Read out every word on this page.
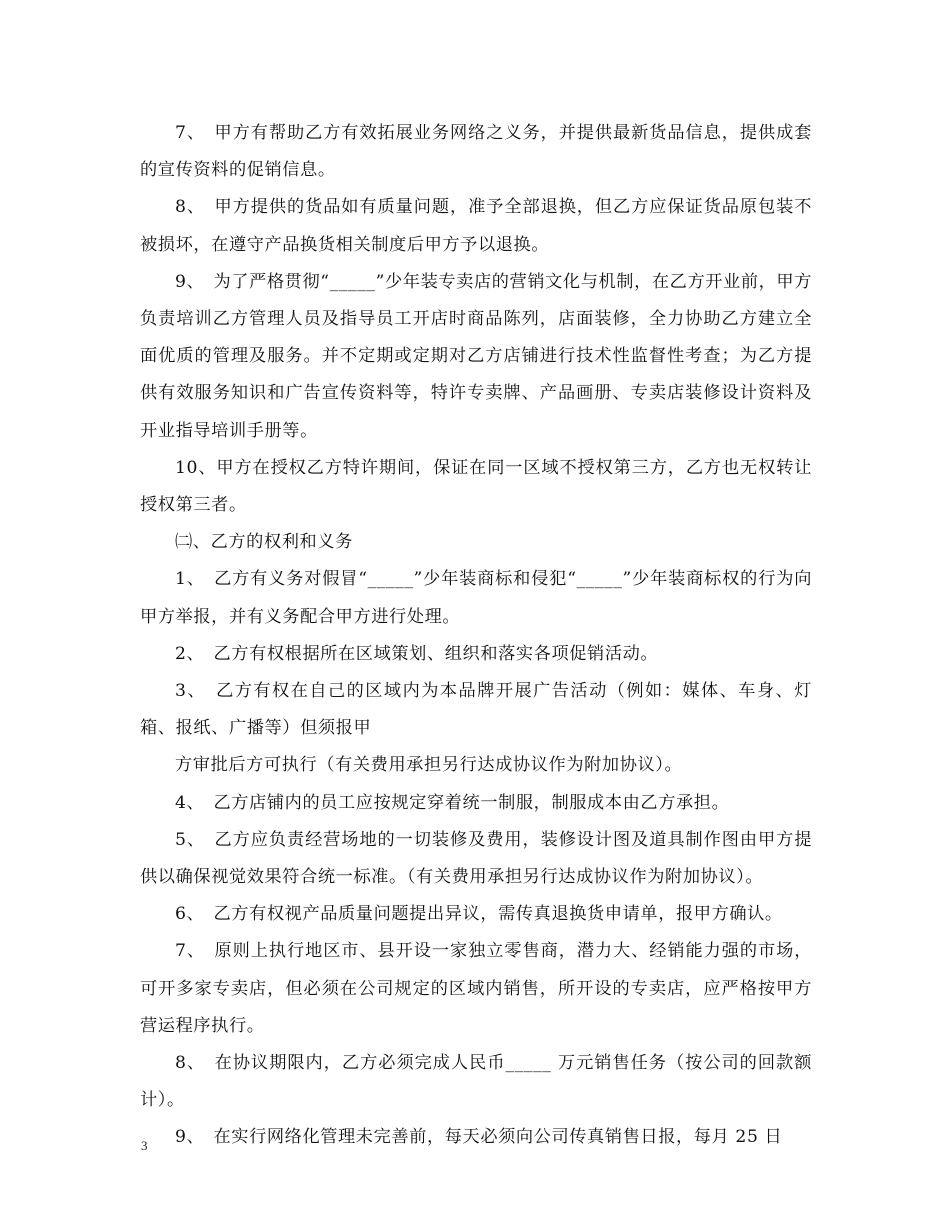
7、　甲方有帮助乙方有效拓展业务网络之义务，并提供最新货品信息，提供成套的宣传资料的促销信息。

8、　甲方提供的货品如有质量问题，准予全部退换，但乙方应保证货品原包装不被损坏，在遵守产品换货相关制度后甲方予以退换。

9、　为了严格贯彻“_____”少年装专卖店的营销文化与机制，在乙方开业前，甲方负责培训乙方管理人员及指导员工开店时商品陈列，店面装修，全力协助乙方建立全面优质的管理及服务。并不定期或定期对乙方店铺进行技术性监督性考查；为乙方提供有效服务知识和广告宣传资料等，特许专卖牌、产品画册、专卖店装修设计资料及开业指导培训手册等。

10、甲方在授权乙方特许期间，保证在同一区域不授权第三方，乙方也无权转让授权第三者。

㈡、乙方的权利和义务

1、　乙方有义务对假冒“_____”少年装商标和侵犯“_____”少年装商标权的行为向甲方举报，并有义务配合甲方进行处理。

2、　乙方有权根据所在区域策划、组织和落实各项促销活动。

3、　乙方有权在自己的区域内为本品牌开展广告活动（例如：媒体、车身、灯箱、报纸、广播等）但须报甲

方审批后方可执行（有关费用承担另行达成协议作为附加协议）。

4、　乙方店铺内的员工应按规定穿着统一制服，制服成本由乙方承担。

5、　乙方应负责经营场地的一切装修及费用，装修设计图及道具制作图由甲方提供以确保视觉效果符合统一标准。（有关费用承担另行达成协议作为附加协议）。

6、　乙方有权视产品质量问题提出异议，需传真退换货申请单，报甲方确认。

7、　原则上执行地区市、县开设一家独立零售商，潜力大、经销能力强的市场，可开多家专卖店，但必须在公司规定的区域内销售，所开设的专卖店，应严格按甲方营运程序执行。

8、　在协议期限内，乙方必须完成人民币_____ 万元销售任务（按公司的回款额计）。

9、　在实行网络化管理未完善前，每天必须向公司传真销售日报，每月 25 日

3
